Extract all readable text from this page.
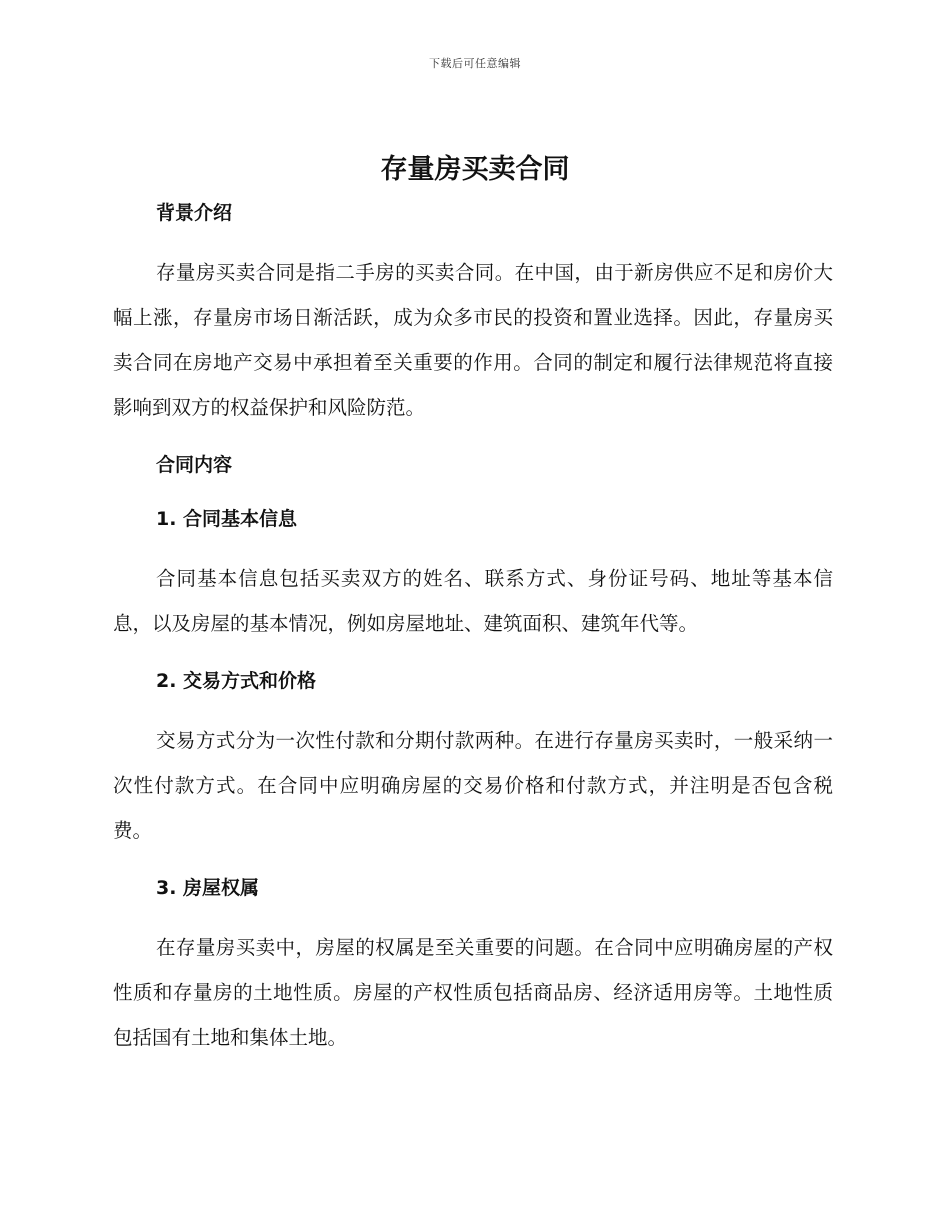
下载后可任意编辑
存量房买卖合同
背景介绍

存量房买卖合同是指二手房的买卖合同。在中国，由于新房供应不足和房价大幅上涨，存量房市场日渐活跃，成为众多市民的投资和置业选择。因此，存量房买卖合同在房地产交易中承担着至关重要的作用。合同的制定和履行法律规范将直接影响到双方的权益保护和风险防范。

合同内容
1. 合同基本信息

合同基本信息包括买卖双方的姓名、联系方式、身份证号码、地址等基本信息，以及房屋的基本情况，例如房屋地址、建筑面积、建筑年代等。

2. 交易方式和价格

交易方式分为一次性付款和分期付款两种。在进行存量房买卖时，一般采纳一次性付款方式。在合同中应明确房屋的交易价格和付款方式，并注明是否包含税费。

3. 房屋权属

在存量房买卖中，房屋的权属是至关重要的问题。在合同中应明确房屋的产权性质和存量房的土地性质。房屋的产权性质包括商品房、经济适用房等。土地性质包括国有土地和集体土地。
